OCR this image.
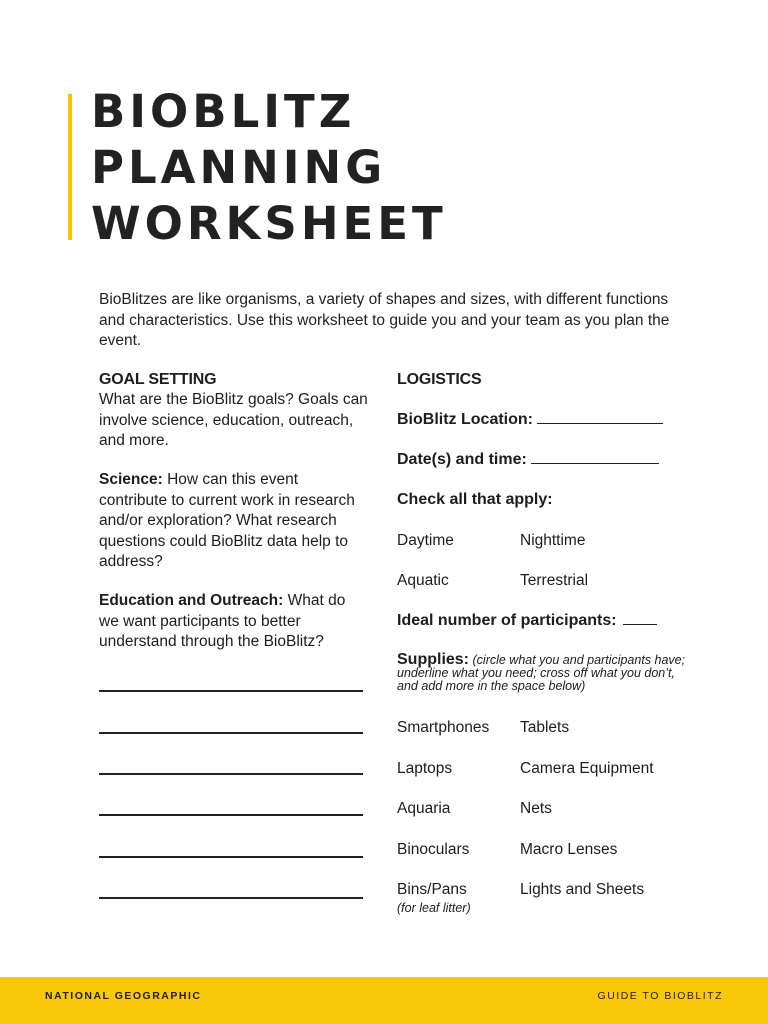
BIOBLITZ
PLANNING
WORKSHEET

BioBlitzes are like organisms, a variety of shapes and sizes, with different functions and characteristics. Use this worksheet to guide you and your team as you plan the event.

GOAL SETTING

What are the BioBlitz goals? Goals can involve science, education, outreach, and more.

Science: How can this event contribute to current work in research and/or exploration? What research questions could BioBlitz data help to address?

Education and Outreach: What do we want participants to better understand through the BioBlitz?

LOGISTICS

BioBlitz Location:
Date(s) and time:
Check all that apply:
Daytime	Nighttime
Aquatic	Terrestrial
Ideal number of participants:
Supplies: (circle what you and participants have; underline what you need; cross off what you don’t, and add more in the space below)
Smartphones Tablets
Laptops	Camera Equipment
Aquaria	Nets
Binoculars	Macro Lenses
Bins/Pans	Lights and Sheets
(for leaf litter)
NATIONAL GEOGRAPHIC	GUIDE TO BIOBLITZ
